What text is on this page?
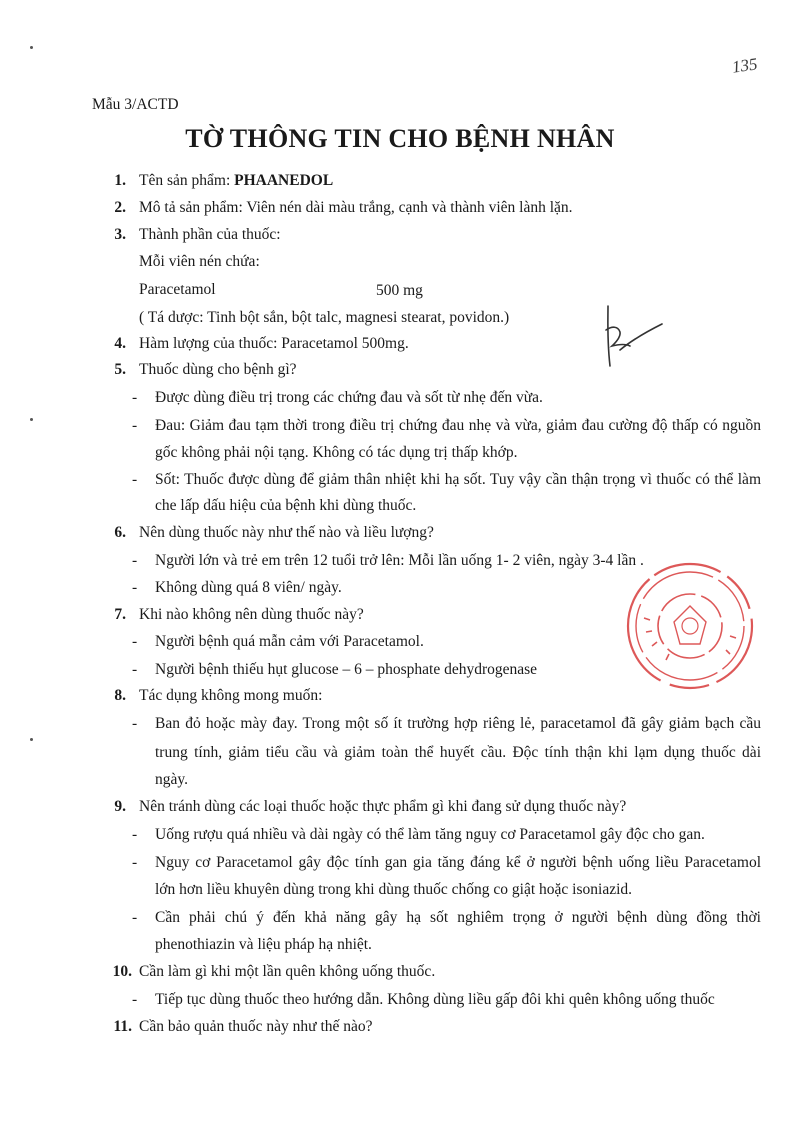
135
Mẫu 3/ACTD
TỜ THÔNG TIN CHO BỆNH NHÂN
1. Tên sản phẩm: PHAANEDOL
2. Mô tả sản phẩm: Viên nén dài màu trắng, cạnh và thành viên lành lặn.
3. Thành phần của thuốc:
Mỗi viên nén chứa:
Paracetamol	500 mg
( Tá dược: Tinh bột sắn, bột talc, magnesi stearat, povidon.)
4. Hàm lượng của thuốc: Paracetamol 500mg.
5. Thuốc dùng cho bệnh gì?
- Được dùng điều trị trong các chứng đau và sốt từ nhẹ đến vừa.
- Đau: Giảm đau tạm thời trong điều trị chứng đau nhẹ và vừa, giảm đau cường độ thấp có nguồn
gốc không phải nội tạng. Không có tác dụng trị thấp khớp.
- Sốt: Thuốc được dùng để giảm thân nhiệt khi hạ sốt. Tuy vậy cần thận trọng vì thuốc có thể làm
che lấp dấu hiệu của bệnh khi dùng thuốc.
6. Nên dùng thuốc này như thế nào và liều lượng?
- Người lớn và trẻ em trên 12 tuổi trở lên: Mỗi lần uống 1- 2 viên, ngày 3-4 lần .
- Không dùng quá 8 viên/ ngày.
7. Khi nào không nên dùng thuốc này?
- Người bệnh quá mẫn cảm với Paracetamol.
- Người bệnh thiếu hụt glucose – 6 – phosphate dehydrogenase
8. Tác dụng không mong muốn:
- Ban đỏ hoặc mày đay. Trong một số ít trường hợp riêng lẻ, paracetamol đã gây giảm bạch cầu
trung tính, giảm tiểu cầu và giảm toàn thể huyết cầu. Độc tính thận khi lạm dụng thuốc dài
ngày.
9. Nên tránh dùng các loại thuốc hoặc thực phẩm gì khi đang sử dụng thuốc này?
- Uống rượu quá nhiều và dài ngày có thể làm tăng nguy cơ Paracetamol gây độc cho gan.
- Nguy cơ Paracetamol gây độc tính gan gia tăng đáng kể ở người bệnh uống liều Paracetamol
lớn hơn liều khuyên dùng trong khi dùng thuốc chống co giật hoặc isoniazid.
- Cần phải chú ý đến khả năng gây hạ sốt nghiêm trọng ở người bệnh dùng đồng thời
phenothiazin và liệu pháp hạ nhiệt.
10. Cần làm gì khi một lần quên không uống thuốc.
- Tiếp tục dùng thuốc theo hướng dẫn. Không dùng liều gấp đôi khi quên không uống thuốc
11. Cần bảo quản thuốc này như thế nào?
